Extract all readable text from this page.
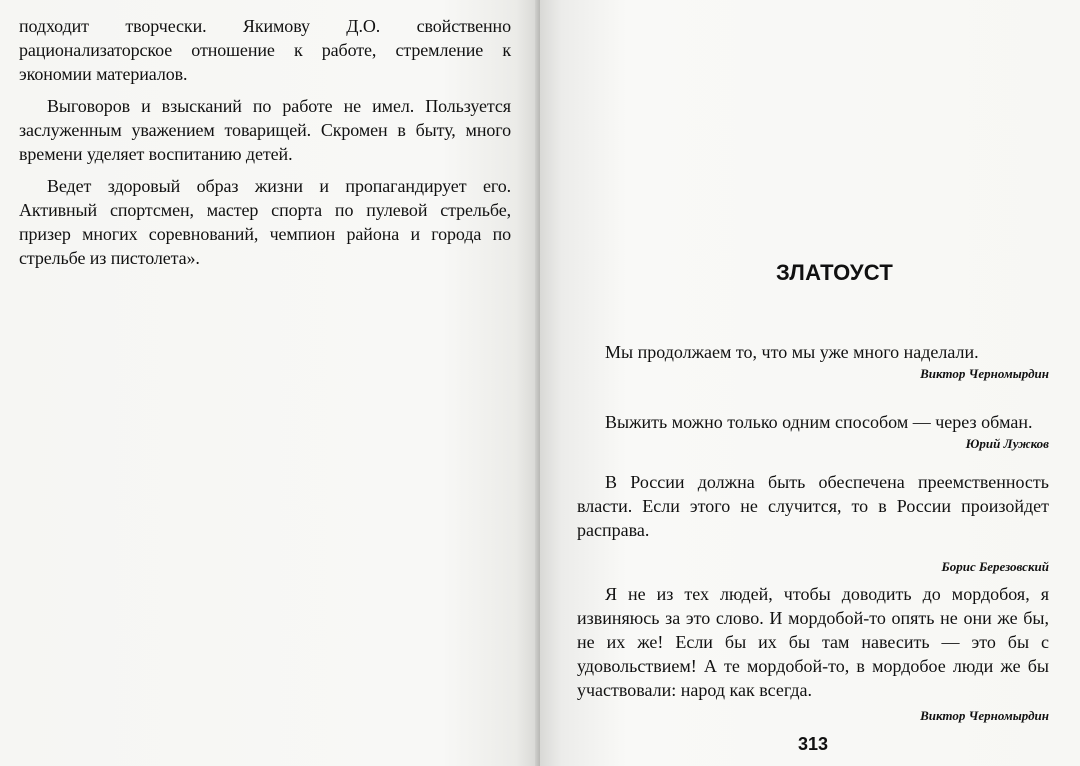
подходит творчески. Якимову Д.О. свойственно рационализаторское отношение к работе, стремление к экономии материалов.

Выговоров и взысканий по работе не имел. Пользуется заслуженным уважением товарищей. Скромен в быту, много времени уделяет воспитанию детей.

Ведет здоровый образ жизни и пропагандирует его. Активный спортсмен, мастер спорта по пулевой стрельбе, призер многих соревнований, чемпион района и города по стрельбе из пистолета».

ЗЛАТОУСТ

Мы продолжаем то, что мы уже много наделали.

Виктор Черномырдин

Выжить можно только одним способом — через обман.

Юрий Лужков

В России должна быть обеспечена преемственность власти. Если этого не случится, то в России произойдет расправа.

Борис Березовский

Я не из тех людей, чтобы доводить до мордобоя, я извиняюсь за это слово. И мордобой-то опять не они же бы, не их же! Если бы их бы там навесить — это бы с удовольствием! А те мордобой-то, в мордобое люди же бы участвовали: народ как всегда.

Виктор Черномырдин

313
